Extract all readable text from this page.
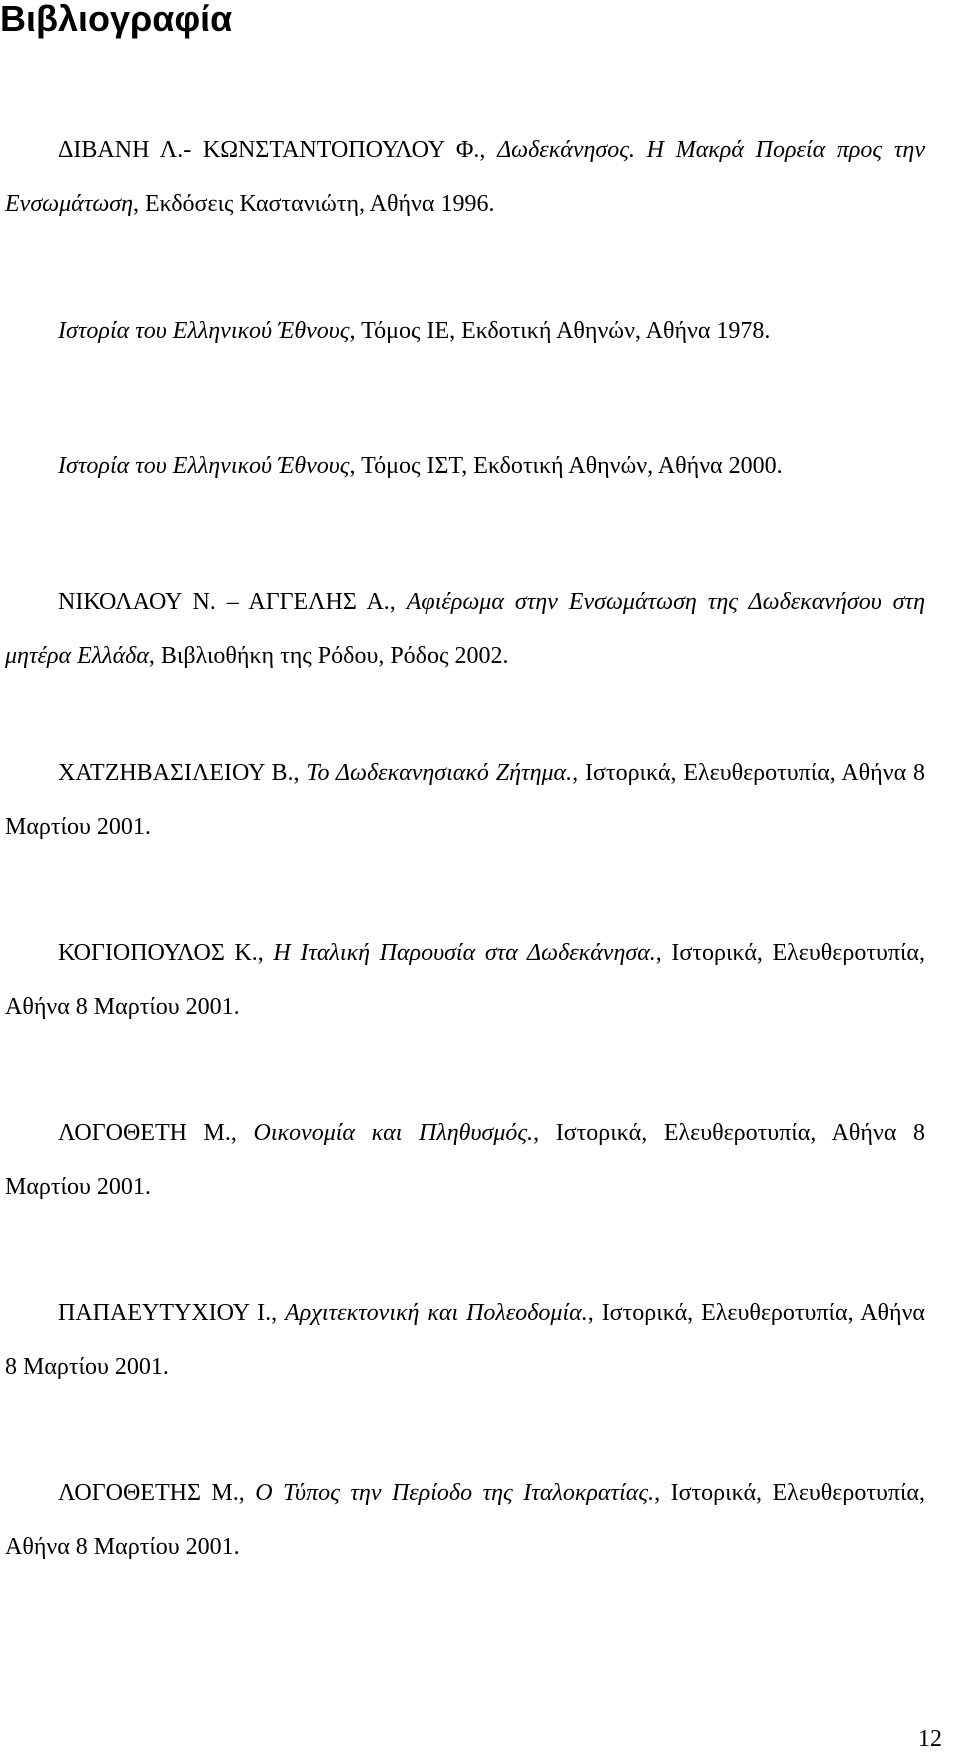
Βιβλιογραφία

ΔΙΒΑΝΗ Λ.- ΚΩΝΣΤΑΝΤΟΠΟΥΛΟΥ Φ., Δωδεκάνησος. Η Μακρά Πορεία προς την Ενσωμάτωση, Εκδόσεις Καστανιώτη, Αθήνα 1996.

Ιστορία του Ελληνικού Έθνους, Τόμος ΙΕ, Εκδοτική Αθηνών, Αθήνα 1978.

Ιστορία του Ελληνικού Έθνους, Τόμος ΙΣΤ, Εκδοτική Αθηνών, Αθήνα 2000.

ΝΙΚΟΛΑΟΥ Ν. – ΑΓΓΕΛΗΣ Α., Αφιέρωμα στην Ενσωμάτωση της Δωδεκανήσου στη μητέρα Ελλάδα, Βιβλιοθήκη της Ρόδου, Ρόδος 2002.

ΧΑΤΖΗΒΑΣΙΛΕΙΟΥ Β., Το Δωδεκανησιακό Ζήτημα., Ιστορικά, Ελευθεροτυπία, Αθήνα 8 Μαρτίου 2001.

ΚΟΓΙΟΠΟΥΛΟΣ Κ., Η Ιταλική Παρουσία στα Δωδεκάνησα., Ιστορικά, Ελευθεροτυπία, Αθήνα 8 Μαρτίου 2001.

ΛΟΓΟΘΕΤΗ Μ., Οικονομία και Πληθυσμός., Ιστορικά, Ελευθεροτυπία, Αθήνα 8 Μαρτίου 2001.

ΠΑΠΑΕΥΤΥΧΙΟΥ Ι., Αρχιτεκτονική και Πολεοδομία., Ιστορικά, Ελευθεροτυπία, Αθήνα 8 Μαρτίου 2001.

ΛΟΓΟΘΕΤΗΣ Μ., Ο Τύπος την Περίοδο της Ιταλοκρατίας., Ιστορικά, Ελευθεροτυπία, Αθήνα 8 Μαρτίου 2001.

12
